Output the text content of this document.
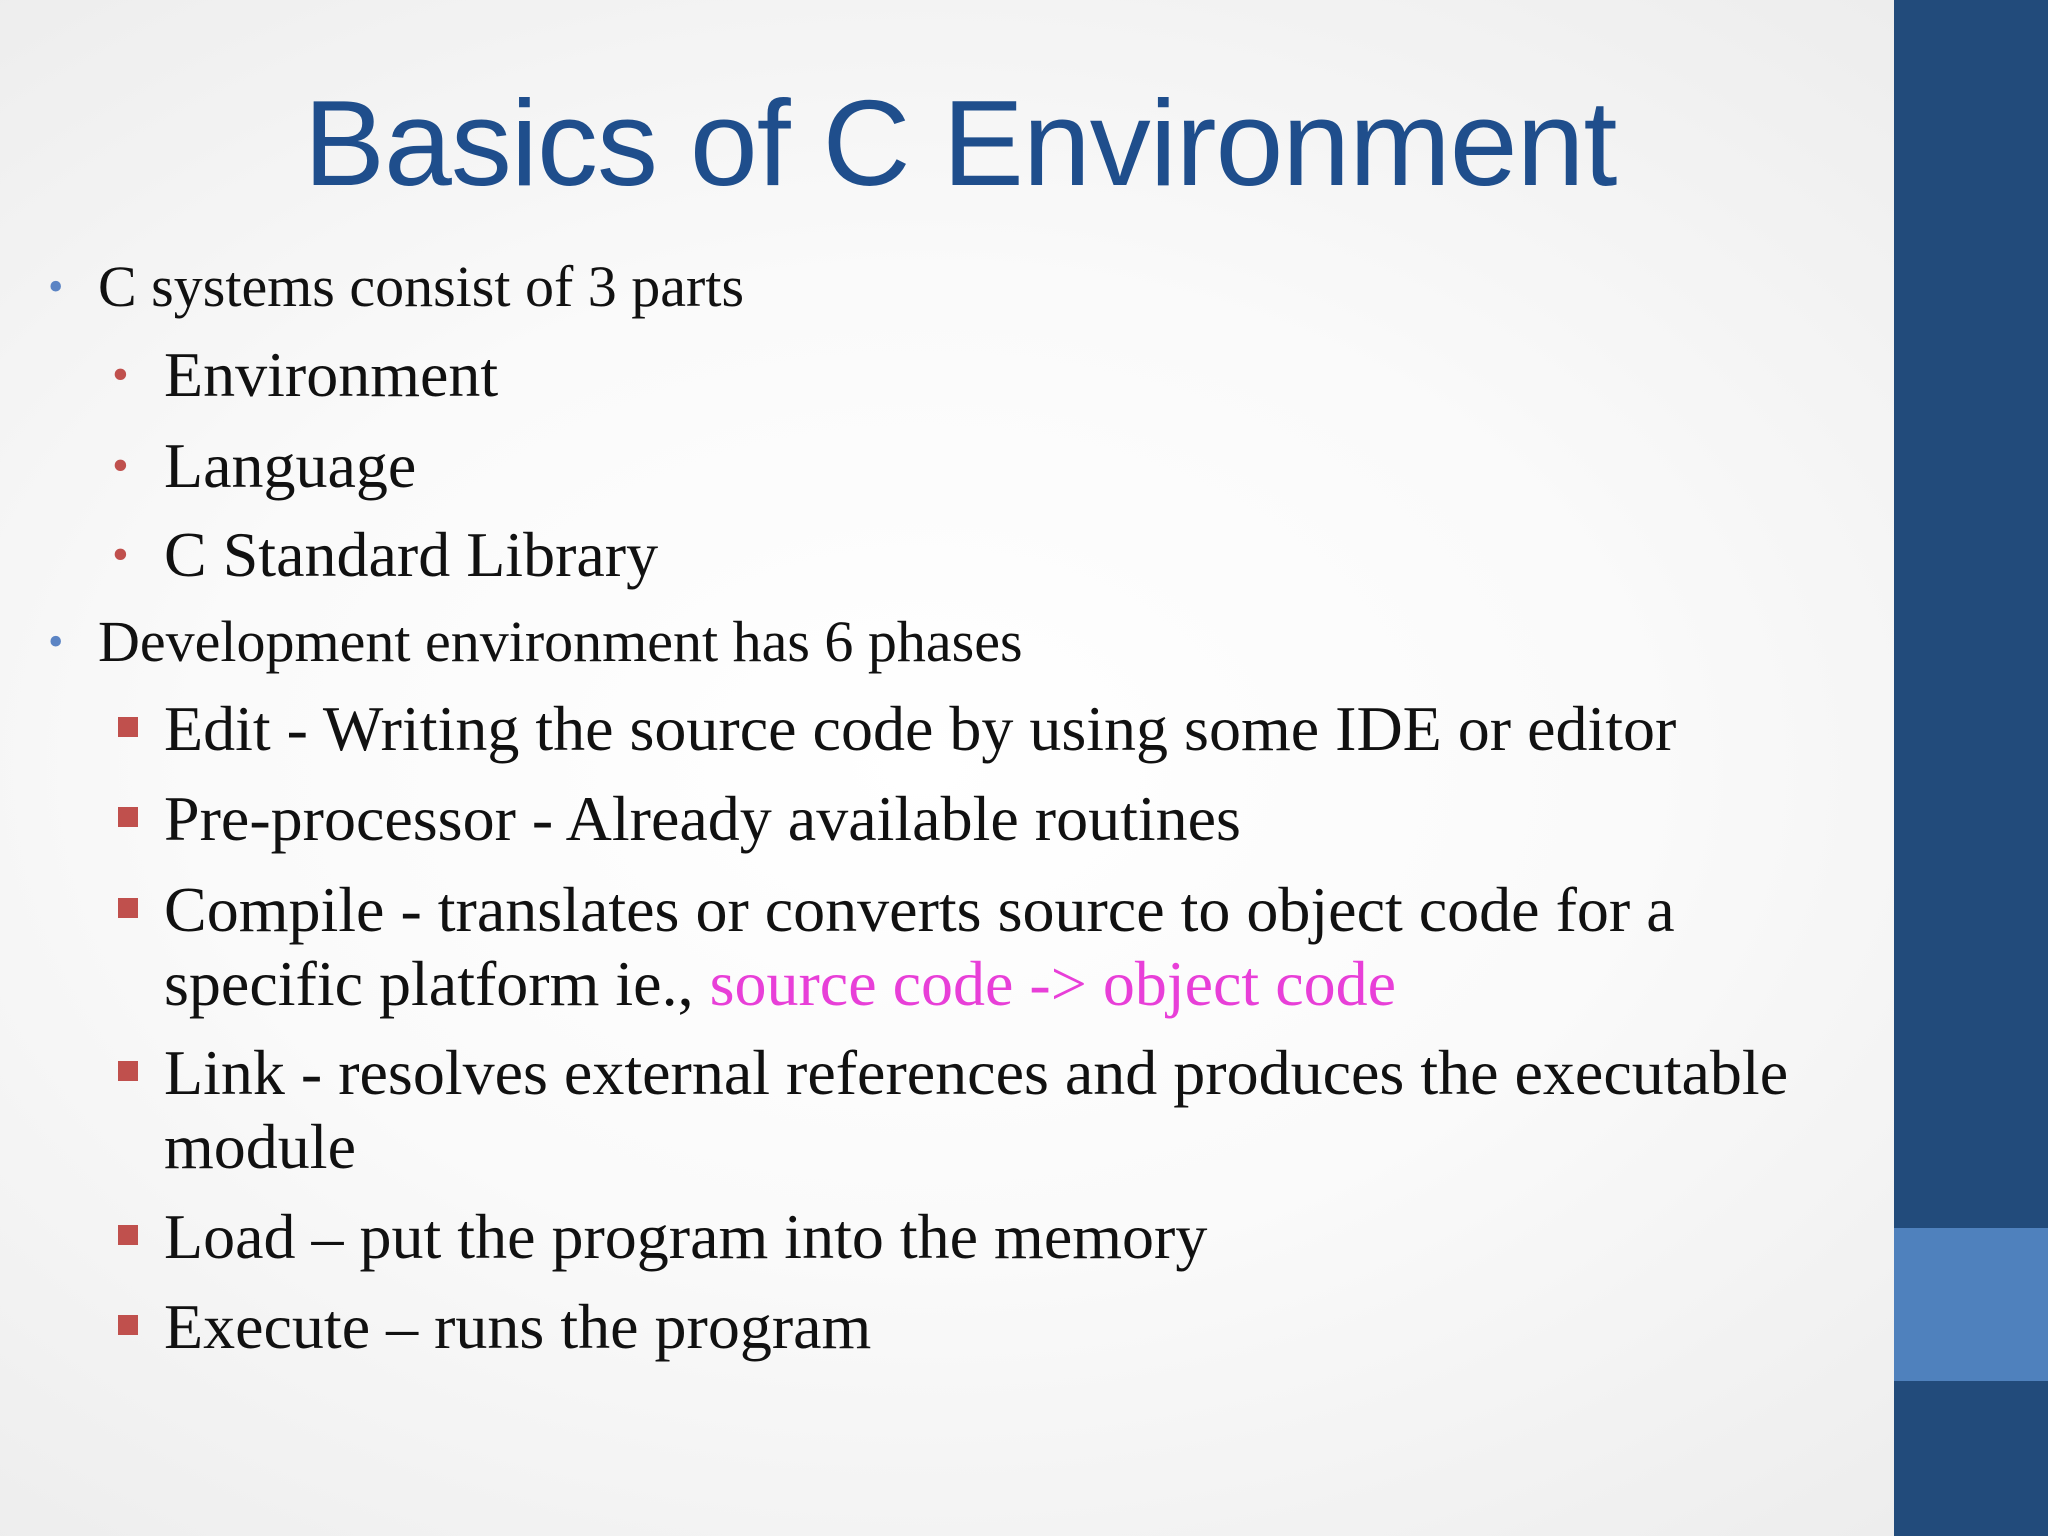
Basics of C Environment
• C systems consist of 3 parts
• Environment
• Language
• C Standard Library
• Development environment has 6 phases
Edit - Writing the source code by using some IDE or editor
Pre-processor - Already available routines
Compile - translates or converts source to object code for a
specific platform ie., source code -> object code
Link - resolves external references and produces the executable
module
Load – put the program into the memory
Execute – runs the program
